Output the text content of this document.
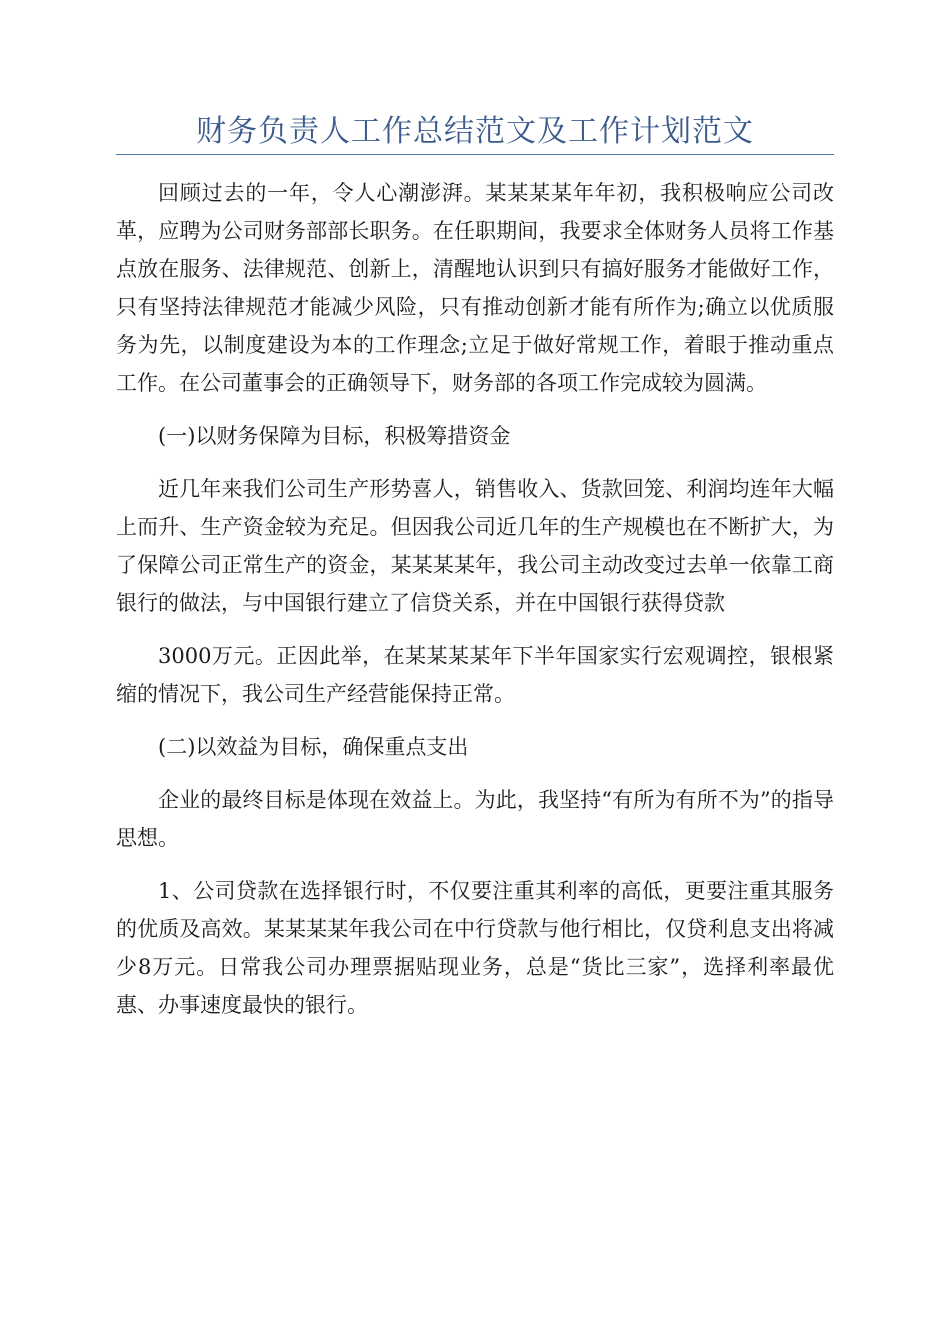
财务负责人工作总结范文及工作计划范文

回顾过去的一年，令人心潮澎湃。某某某某年年初，我积极响应公司改革，应聘为公司财务部部长职务。在任职期间，我要求全体财务人员将工作基点放在服务、法律规范、创新上，清醒地认识到只有搞好服务才能做好工作，只有坚持法律规范才能减少风险，只有推动创新才能有所作为;确立以优质服务为先，以制度建设为本的工作理念;立足于做好常规工作，着眼于推动重点工作。在公司董事会的正确领导下，财务部的各项工作完成较为圆满。

(一)以财务保障为目标，积极筹措资金

近几年来我们公司生产形势喜人，销售收入、货款回笼、利润均连年大幅上而升、生产资金较为充足。但因我公司近几年的生产规模也在不断扩大，为了保障公司正常生产的资金，某某某某年，我公司主动改变过去单一依靠工商银行的做法，与中国银行建立了信贷关系，并在中国银行获得贷款

3000万元。正因此举，在某某某某年下半年国家实行宏观调控，银根紧缩的情况下，我公司生产经营能保持正常。

(二)以效益为目标，确保重点支出

企业的最终目标是体现在效益上。为此，我坚持“有所为有所不为”的指导思想。

1、公司贷款在选择银行时，不仅要注重其利率的高低，更要注重其服务的优质及高效。某某某某年我公司在中行贷款与他行相比，仅贷利息支出将减少8万元。日常我公司办理票据贴现业务，总是“货比三家”，选择利率最优惠、办事速度最快的银行。
